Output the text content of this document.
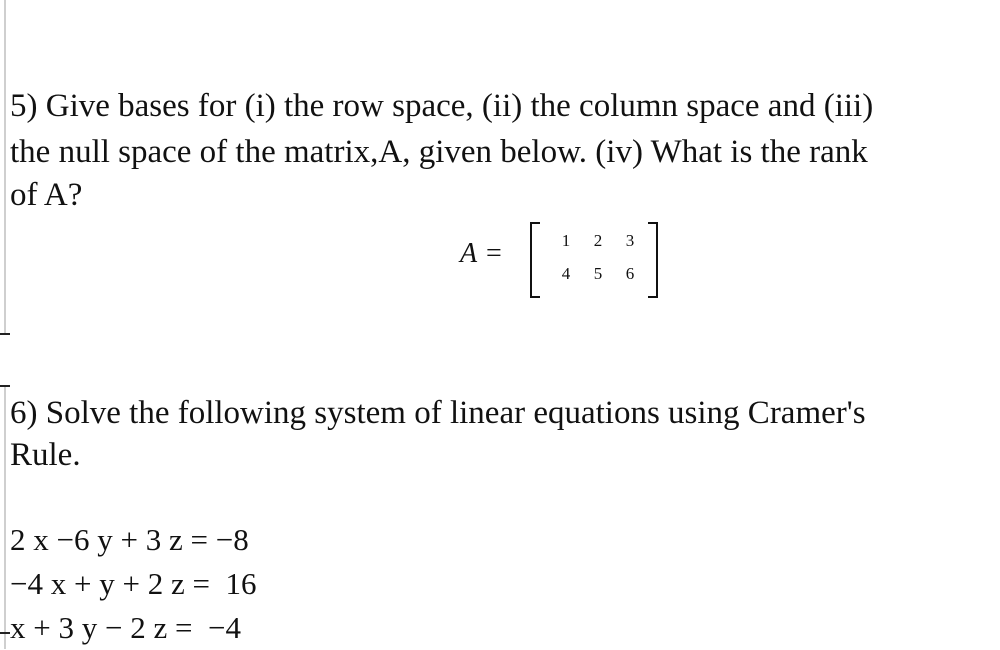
5) Give bases for (i) the row space, (ii) the column space and (iii)
the null space of the matrix,A, given below. (iv) What is the rank
of A?
A =	1	2	3
4	5	6
6) Solve the following system of linear equations using Cramer's
Rule.
2 x −6 y + 3 z = −8
−4 x + y + 2 z =  16
x + 3 y − 2 z =  −4
